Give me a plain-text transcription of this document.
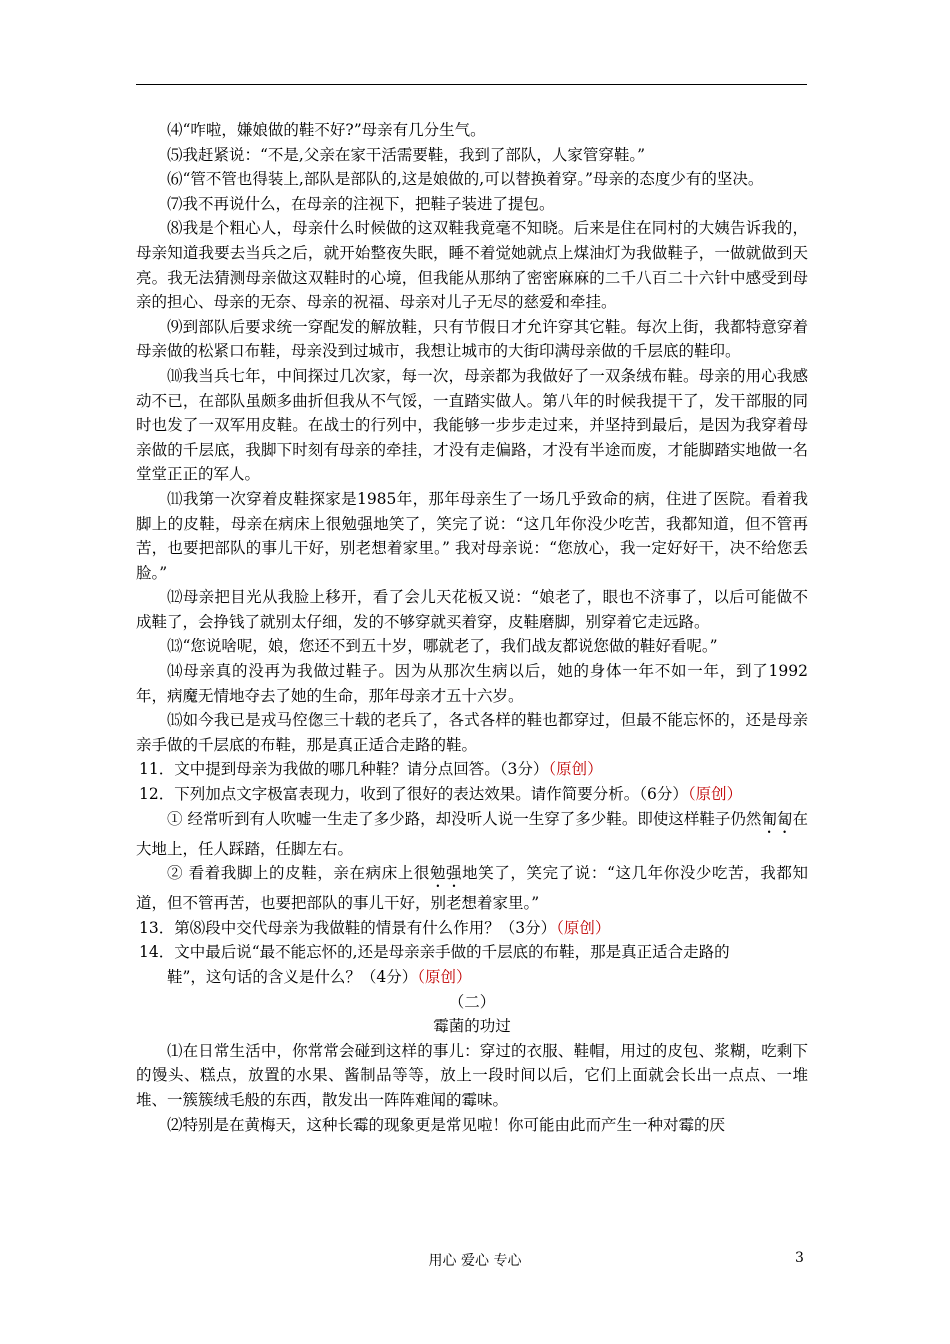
⑷“咋啦，嫌娘做的鞋不好?”母亲有几分生气。

⑸我赶紧说：“不是,父亲在家干活需要鞋，我到了部队，人家管穿鞋。”

⑹“管不管也得装上,部队是部队的,这是娘做的,可以替换着穿。”母亲的态度少有的坚决。

⑺我不再说什么，在母亲的注视下，把鞋子装进了提包。

⑻我是个粗心人，母亲什么时候做的这双鞋我竟毫不知晓。后来是住在同村的大姨告诉我的，母亲知道我要去当兵之后，就开始整夜失眠，睡不着觉她就点上煤油灯为我做鞋子，一做就做到天亮。我无法猜测母亲做这双鞋时的心境，但我能从那纳了密密麻麻的二千八百二十六针中感受到母亲的担心、母亲的无奈、母亲的祝福、母亲对儿子无尽的慈爱和牵挂。

⑼到部队后要求统一穿配发的解放鞋，只有节假日才允许穿其它鞋。每次上街，我都特意穿着母亲做的松紧口布鞋，母亲没到过城市，我想让城市的大街印满母亲做的千层底的鞋印。

⑽我当兵七年，中间探过几次家，每一次，母亲都为我做好了一双条绒布鞋。母亲的用心我感动不已，在部队虽颇多曲折但我从不气馁，一直踏实做人。第八年的时候我提干了，发干部服的同时也发了一双军用皮鞋。在战士的行列中，我能够一步步走过来，并坚持到最后，是因为我穿着母亲做的千层底，我脚下时刻有母亲的牵挂，才没有走偏路，才没有半途而废，才能脚踏实地做一名堂堂正正的军人。

⑾我第一次穿着皮鞋探家是1985年，那年母亲生了一场几乎致命的病，住进了医院。看着我脚上的皮鞋，母亲在病床上很勉强地笑了，笑完了说：“这几年你没少吃苦，我都知道，但不管再苦，也要把部队的事儿干好，别老想着家里。” 我对母亲说：“您放心，我一定好好干，决不给您丢脸。”

⑿母亲把目光从我脸上移开，看了会儿天花板又说：“娘老了，眼也不济事了，以后可能做不成鞋了，会挣钱了就别太仔细，发的不够穿就买着穿，皮鞋磨脚，别穿着它走远路。

⒀“您说啥呢，娘，您还不到五十岁，哪就老了，我们战友都说您做的鞋好看呢。”

⒁母亲真的没再为我做过鞋子。因为从那次生病以后，她的身体一年不如一年，到了1992年，病魔无情地夺去了她的生命，那年母亲才五十六岁。

⒂如今我已是戎马倥偬三十载的老兵了，各式各样的鞋也都穿过，但最不能忘怀的，还是母亲亲手做的千层底的布鞋，那是真正适合走路的鞋。

11．文中提到母亲为我做的哪几种鞋？请分点回答。（3分）（原创）

12．下列加点文字极富表现力，收到了很好的表达效果。请作简要分析。（6分）（原创）

① 经常听到有人吹嘘一生走了多少路，却没听人说一生穿了多少鞋。即使这样鞋子仍然匍匐在大地上，任人踩踏，任脚左右。

② 看着我脚上的皮鞋，亲在病床上很勉强地笑了，笑完了说：“这几年你没少吃苦，我都知道，但不管再苦，也要把部队的事儿干好，别老想着家里。”

13．第⑻段中交代母亲为我做鞋的情景有什么作用？（3分）（原创）

14．文中最后说“最不能忘怀的,还是母亲亲手做的千层底的布鞋，那是真正适合走路的

鞋”，这句话的含义是什么？（4分）（原创）

（二）

霉菌的功过

⑴在日常生活中，你常常会碰到这样的事儿：穿过的衣服、鞋帽，用过的皮包、浆糊，吃剩下的馒头、糕点，放置的水果、酱制品等等，放上一段时间以后，它们上面就会长出一点点、一堆堆、一簇簇绒毛般的东西，散发出一阵阵难闻的霉味。

⑵特别是在黄梅天，这种长霉的现象更是常见啦！你可能由此而产生一种对霉的厌

用心 爱心 专心	3
